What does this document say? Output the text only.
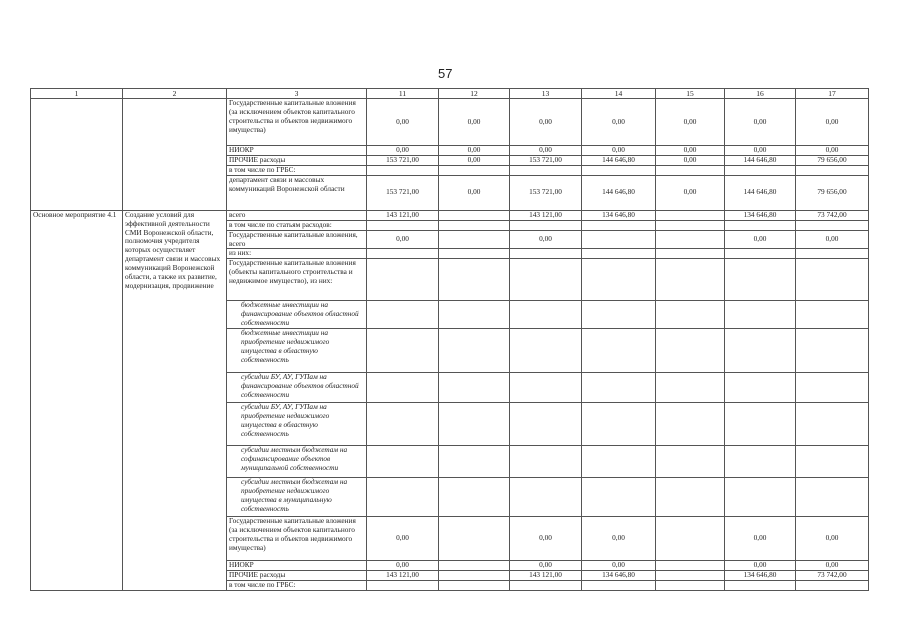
57
1	2	3	11	12	13	14	15	16	17
		Государственные капитальные вложения (за исключением объектов капитального строительства и объектов недвижимого имущества)	0,00	0,00	0,00	0,00	0,00	0,00	0,00
		НИОКР	0,00	0,00	0,00	0,00	0,00	0,00	0,00
		ПРОЧИЕ расходы	153 721,00	0,00	153 721,00	144 646,80	0,00	144 646,80	79 656,00
		в том числе по ГРБС:							
		департамент связи и массовых коммуникаций Воронежской области	153 721,00	0,00	153 721,00	144 646,80	0,00	144 646,80	79 656,00
Основное мероприятие 4.1	Создание условий для эффективной деятельности СМИ Воронежской области, полномочия учредителя которых осуществляет департамент связи и массовых коммуникаций Воронежской области, а также их развитие, модернизация, продвижение	всего	143 121,00		143 121,00	134 646,80		134 646,80	73 742,00
		в том числе по статьям расходов:							
		Государственные капитальные вложения, всего	0,00		0,00			0,00	0,00
		из них:							
		Государственные капитальные вложения (объекты капитального строительства и недвижимое имущество), из них:							
		бюджетные инвестиции на финансирование объектов областной собственности							
		бюджетные инвестиции на приобретение недвижимого имущества в областную собственность							
		субсидии БУ, АУ, ГУПам на финансирование объектов областной собственности							
		субсидии БУ, АУ, ГУПам на приобретение недвижимого имущества в областную собственность							
		субсидии местным бюджетам на софинансирование объектов муниципальной собственности							
		субсидии местным бюджетам на приобретение недвижимого имущества в муниципальную собственность							
		Государственные капитальные вложения (за исключением объектов капитального строительства и объектов недвижимого имущества)	0,00		0,00	0,00		0,00	0,00
		НИОКР	0,00		0,00	0,00		0,00	0,00
		ПРОЧИЕ расходы	143 121,00		143 121,00	134 646,80		134 646,80	73 742,00
		в том числе по ГРБС:							
